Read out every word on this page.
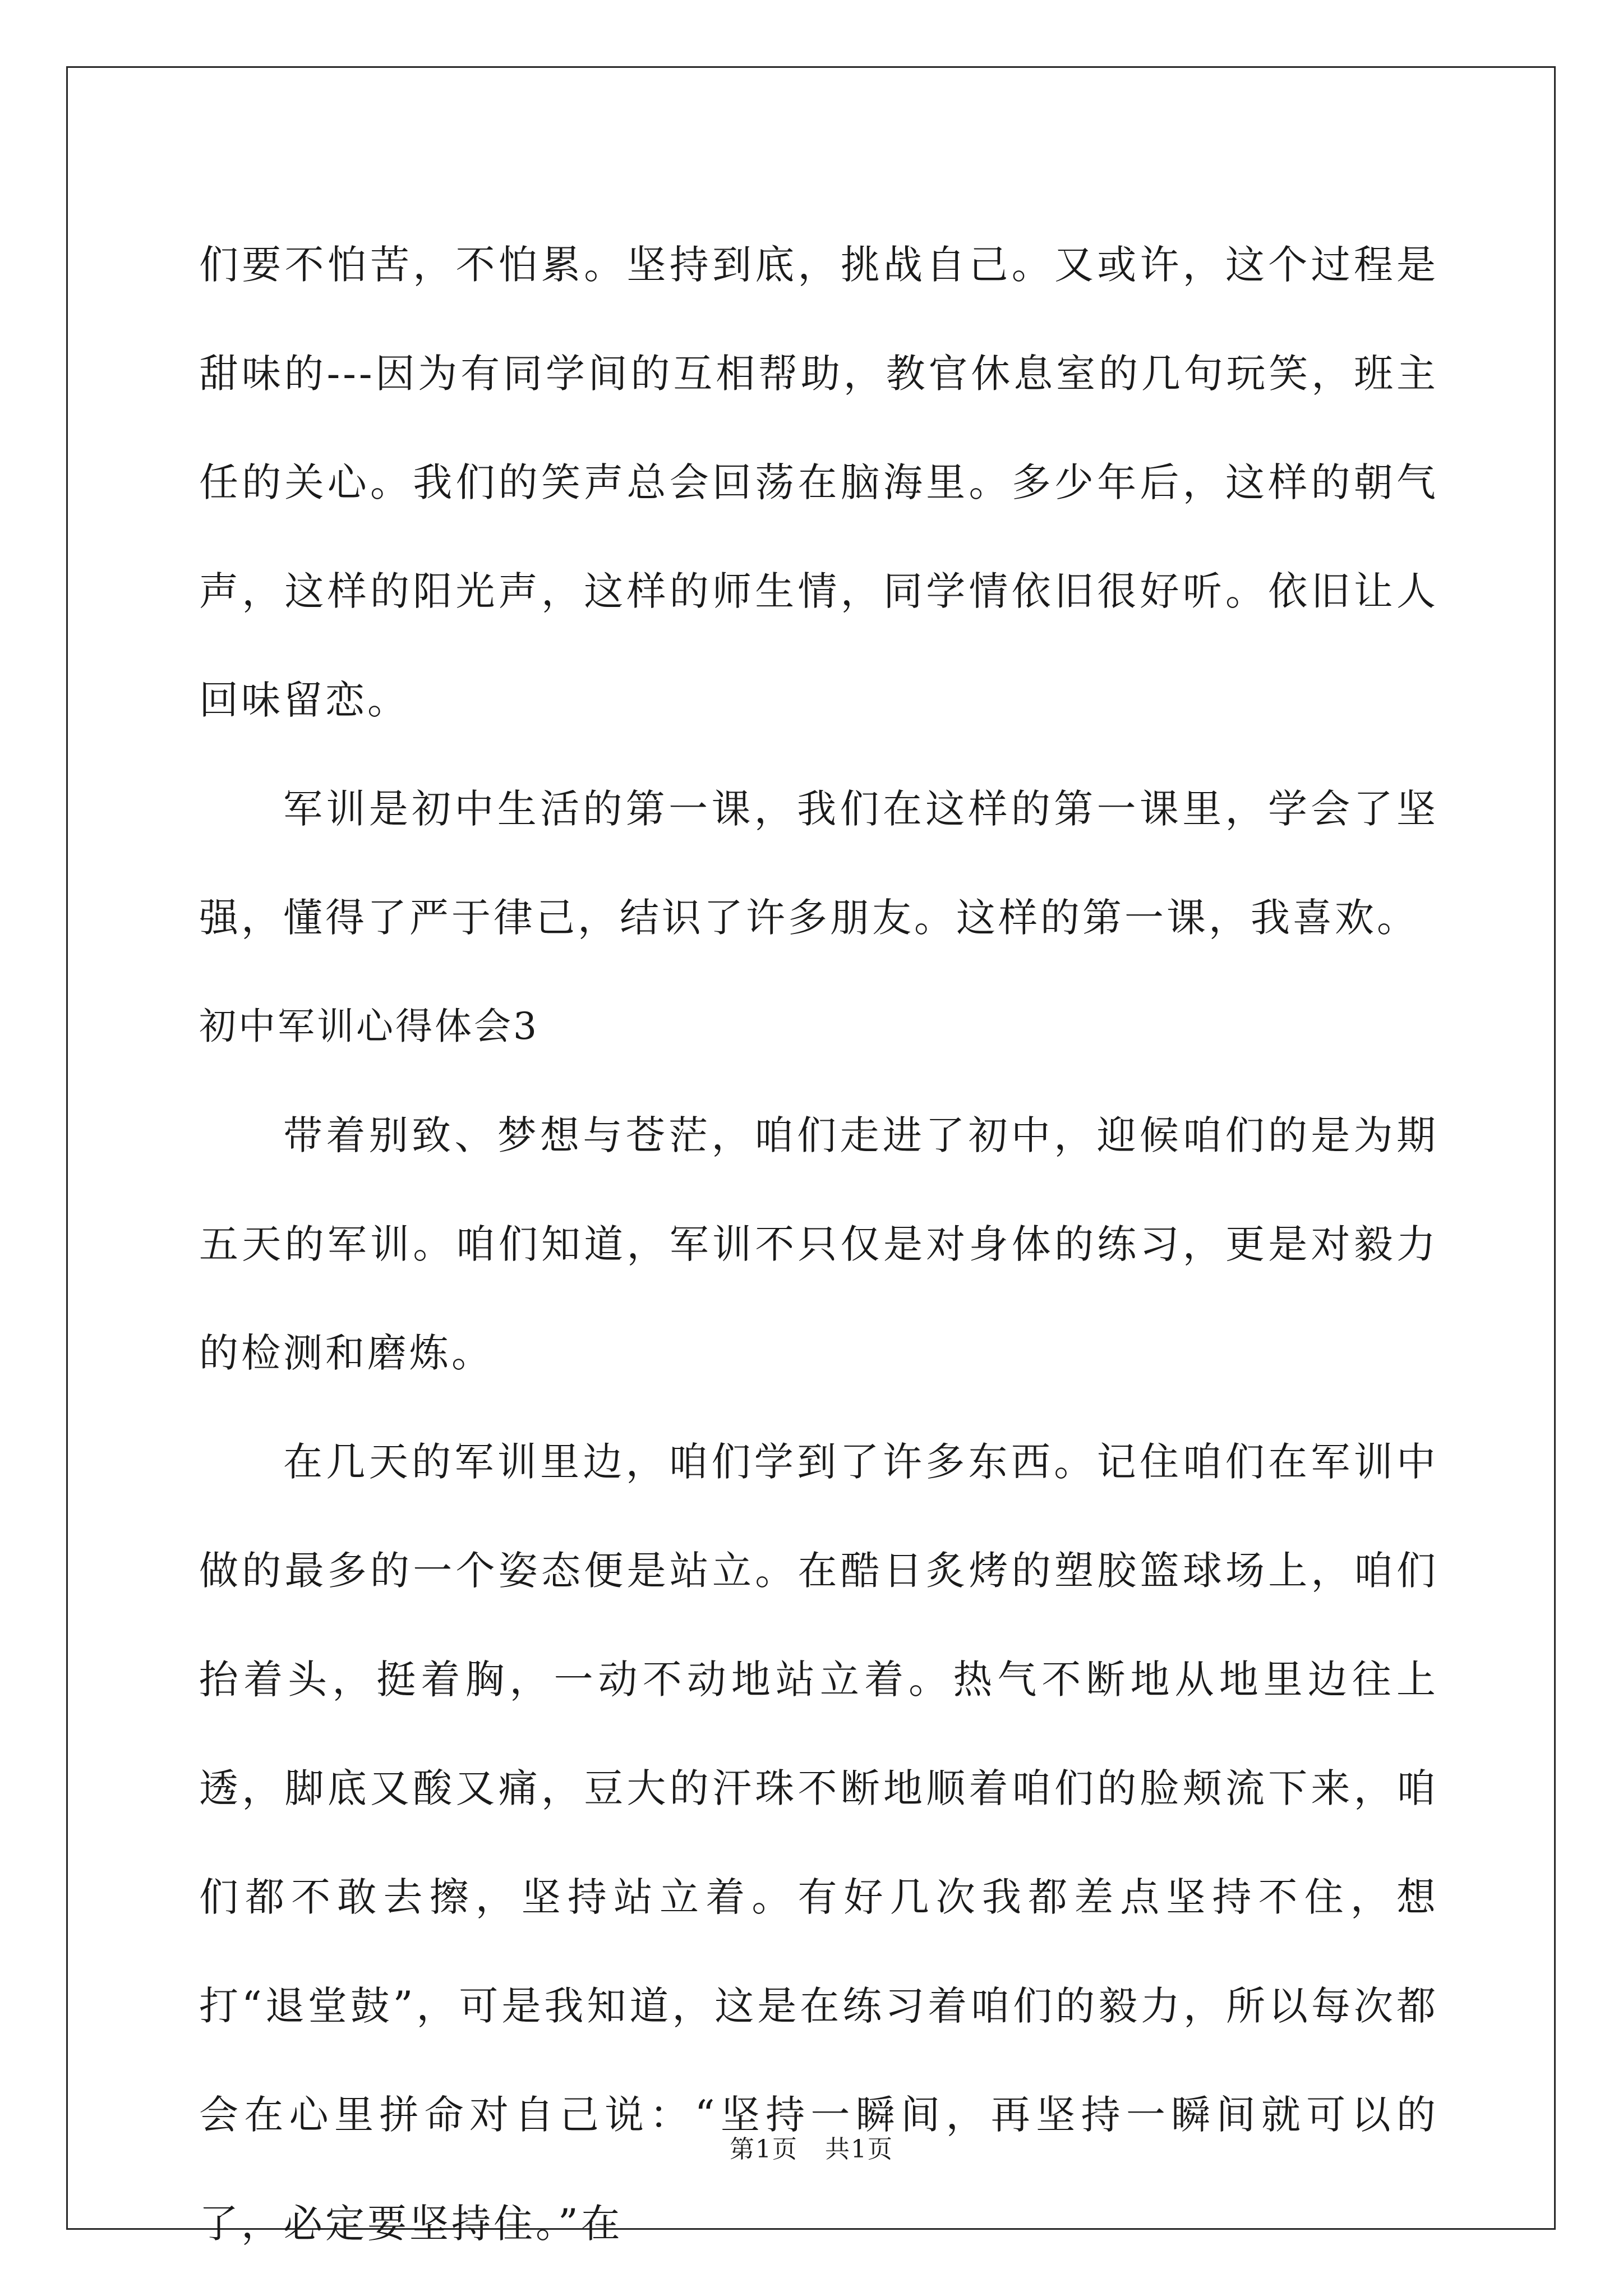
们要不怕苦，不怕累。坚持到底，挑战自己。又或许，这个过程是甜味的---因为有同学间的互相帮助，教官休息室的几句玩笑，班主任的关心。我们的笑声总会回荡在脑海里。多少年后，这样的朝气声，这样的阳光声，这样的师生情，同学情依旧很好听。依旧让人回味留恋。

军训是初中生活的第一课，我们在这样的第一课里，学会了坚强，懂得了严于律己，结识了许多朋友。这样的第一课，我喜欢。

初中军训心得体会3

带着别致、梦想与苍茫，咱们走进了初中，迎候咱们的是为期五天的军训。咱们知道，军训不只仅是对身体的练习，更是对毅力的检测和磨炼。

在几天的军训里边，咱们学到了许多东西。记住咱们在军训中做的最多的一个姿态便是站立。在酷日炙烤的塑胶篮球场上，咱们抬着头，挺着胸，一动不动地站立着。热气不断地从地里边往上透，脚底又酸又痛，豆大的汗珠不断地顺着咱们的脸颊流下来，咱们都不敢去擦，坚持站立着。有好几次我都差点坚持不住，想打“退堂鼓”，可是我知道，这是在练习着咱们的毅力，所以每次都会在心里拼命对自己说：“坚持一瞬间，再坚持一瞬间就可以的了，必定要坚持住。”在

第1页   共1页
